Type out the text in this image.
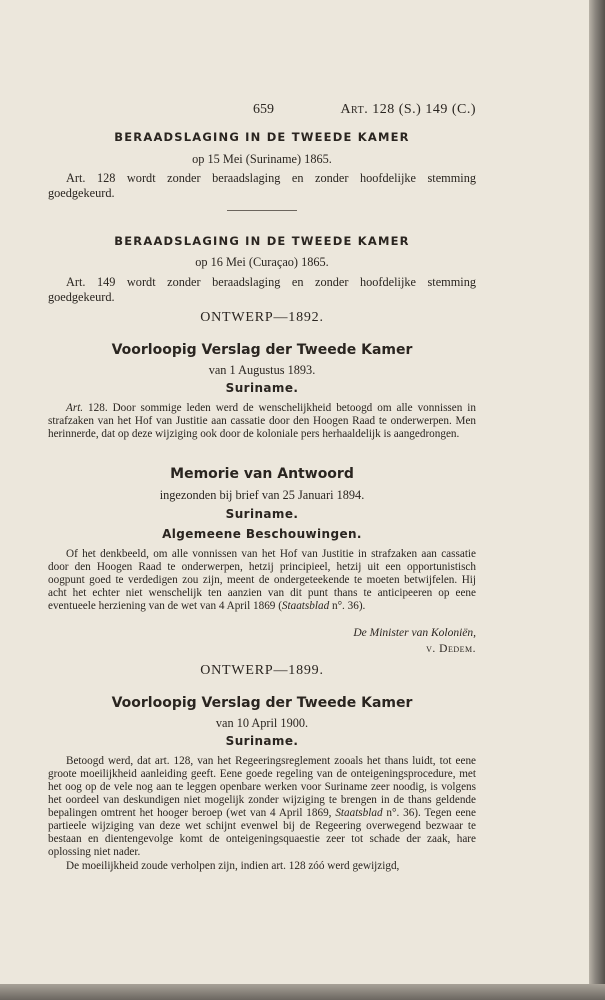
659	Art. 128 (S.) 149 (C.)
BERAADSLAGING IN DE TWEEDE KAMER
op 15 Mei (Suriname) 1865.

Art. 128 wordt zonder beraadslaging en zonder hoofdelijke stemming goedgekeurd.

BERAADSLAGING IN DE TWEEDE KAMER
op 16 Mei (Curaçao) 1865.

Art. 149 wordt zonder beraadslaging en zonder hoofdelijke stemming goedgekeurd.

ONTWERP—1892.
Voorloopig Verslag der Tweede Kamer
van 1 Augustus 1893.
Suriname.

Art. 128. Door sommige leden werd de wenschelijkheid betoogd om alle vonnissen in strafzaken van het Hof van Justitie aan cassatie door den Hoogen Raad te onderwerpen. Men herinnerde, dat op deze wijziging ook door de koloniale pers herhaaldelijk is aangedrongen.

Memorie van Antwoord
ingezonden bij brief van 25 Januari 1894.
Suriname.
Algemeene Beschouwingen.

Of het denkbeeld, om alle vonnissen van het Hof van Justitie in strafzaken aan cassatie door den Hoogen Raad te onderwerpen, hetzij principieel, hetzij uit een opportunistisch oogpunt goed te verdedigen zou zijn, meent de ondergeteekende te moeten betwijfelen. Hij acht het echter niet wenschelijk ten aanzien van dit punt thans te anticipeeren op eene eventueele herziening van de wet van 4 April 1869 (Staatsblad n°. 36).

De Minister van Koloniën,
v. Dedem.
ONTWERP—1899.
Voorloopig Verslag der Tweede Kamer
van 10 April 1900.
Suriname.

Betoogd werd, dat art. 128, van het Regeeringsreglement zooals het thans luidt, tot eene groote moeilijkheid aanleiding geeft. Eene goede regeling van de onteigeningsprocedure, met het oog op de vele nog aan te leggen openbare werken voor Suriname zeer noodig, is volgens het oordeel van deskundigen niet mogelijk zonder wijziging te brengen in de thans geldende bepalingen omtrent het hooger beroep (wet van 4 April 1869, Staatsblad n°. 36). Tegen eene partieele wijziging van deze wet schijnt evenwel bij de Regeering overwegend bezwaar te bestaan en dientengevolge komt de onteigeningsquaestie zeer tot schade der zaak, hare oplossing niet nader.

De moeilijkheid zoude verholpen zijn, indien art. 128 zóó werd gewijzigd,
